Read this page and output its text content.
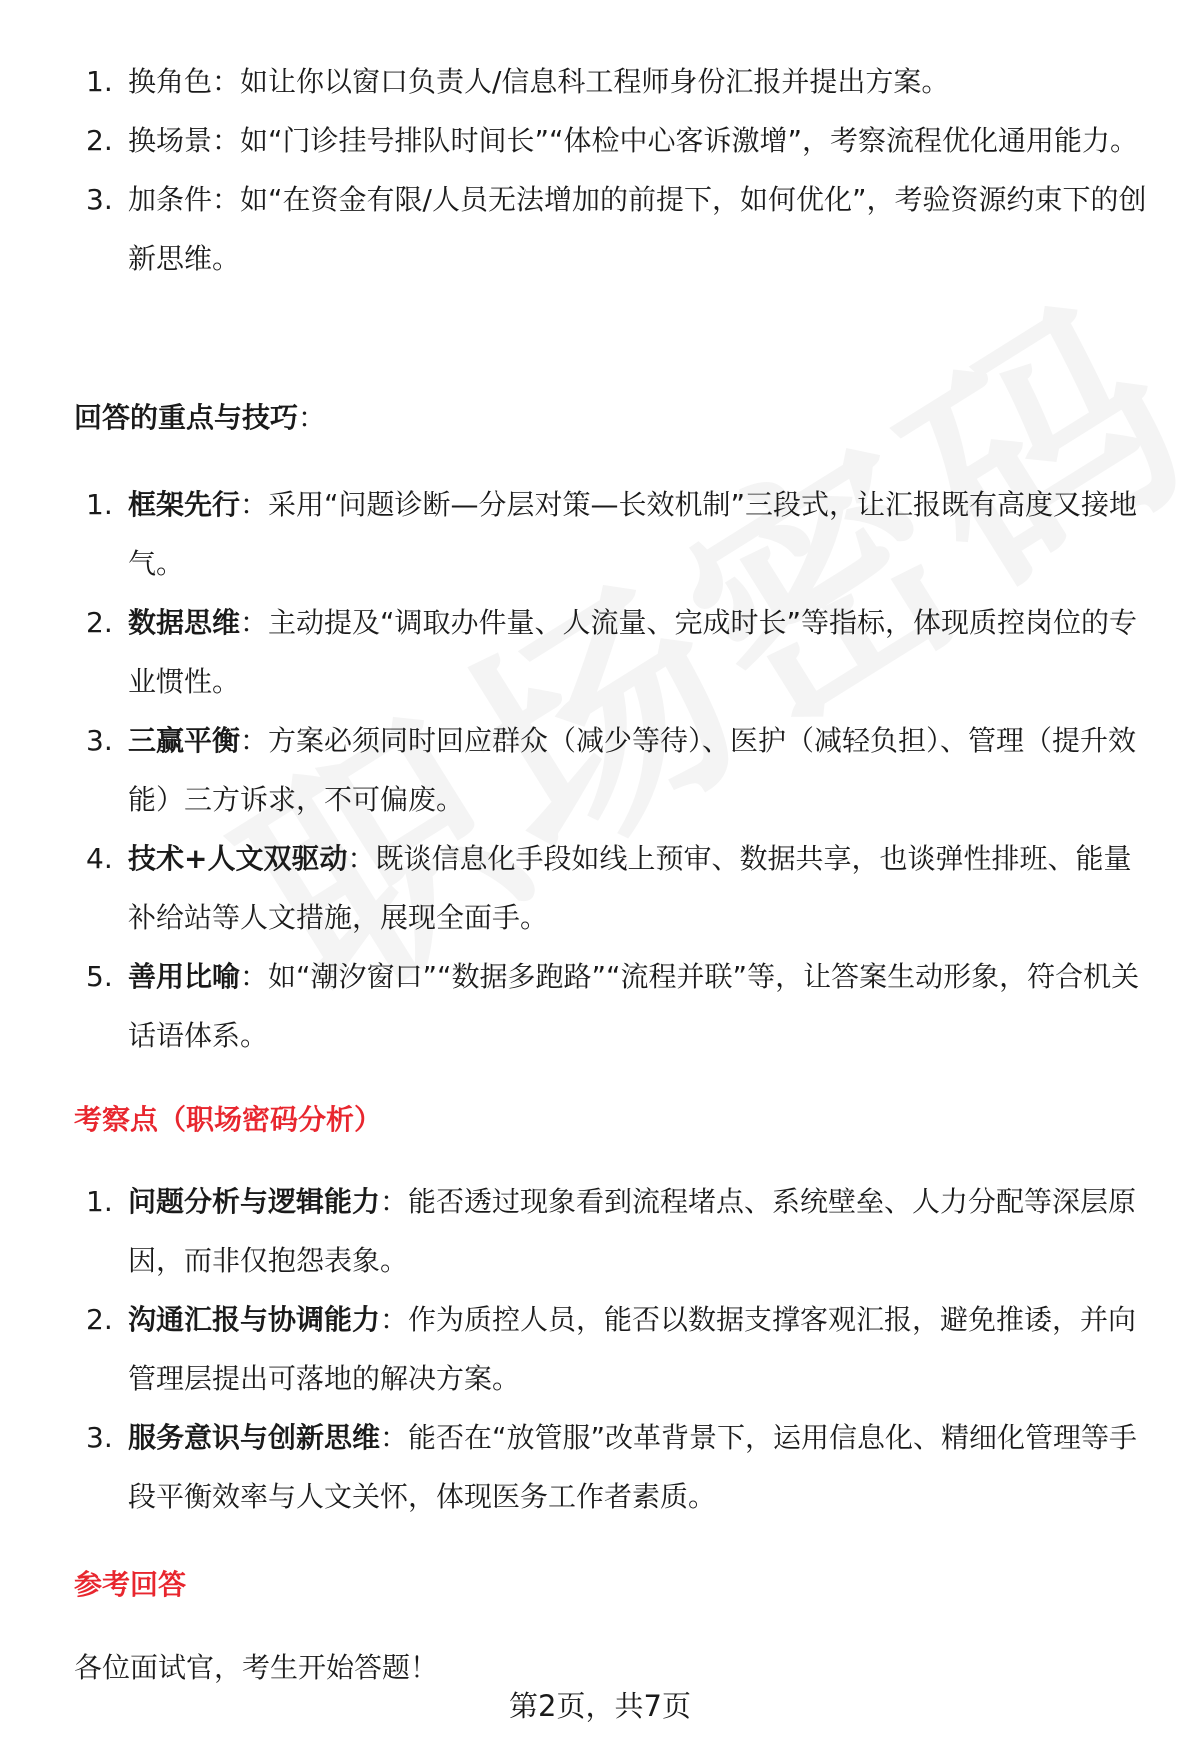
1. 换角色：如让你以窗口负责人/信息科工程师身份汇报并提出方案。
2. 换场景：如“门诊挂号排队时间长”“体检中心客诉激增”，考察流程优化通用能力。
3. 加条件：如“在资金有限/人员无法增加的前提下，如何优化”，考验资源约束下的创新思维。
回答的重点与技巧：
1. 框架先行：采用“问题诊断—分层对策—长效机制”三段式，让汇报既有高度又接地气。
2. 数据思维：主动提及“调取办件量、人流量、完成时长”等指标，体现质控岗位的专业惯性。
3. 三赢平衡：方案必须同时回应群众（减少等待）、医护（减轻负担）、管理（提升效能）三方诉求，不可偏废。
4. 技术+人文双驱动：既谈信息化手段如线上预审、数据共享，也谈弹性排班、能量补给站等人文措施，展现全面手。
5. 善用比喻：如“潮汐窗口”“数据多跑路”“流程并联”等，让答案生动形象，符合机关话语体系。
考察点（职场密码分析）
1. 问题分析与逻辑能力：能否透过现象看到流程堵点、系统壁垒、人力分配等深层原因，而非仅抱怨表象。
2. 沟通汇报与协调能力：作为质控人员，能否以数据支撑客观汇报，避免推诿，并向管理层提出可落地的解决方案。
3. 服务意识与创新思维：能否在“放管服”改革背景下，运用信息化、精细化管理等手段平衡效率与人文关怀，体现医务工作者素质。
参考回答
各位面试官，考生开始答题！
第2页，共7页
